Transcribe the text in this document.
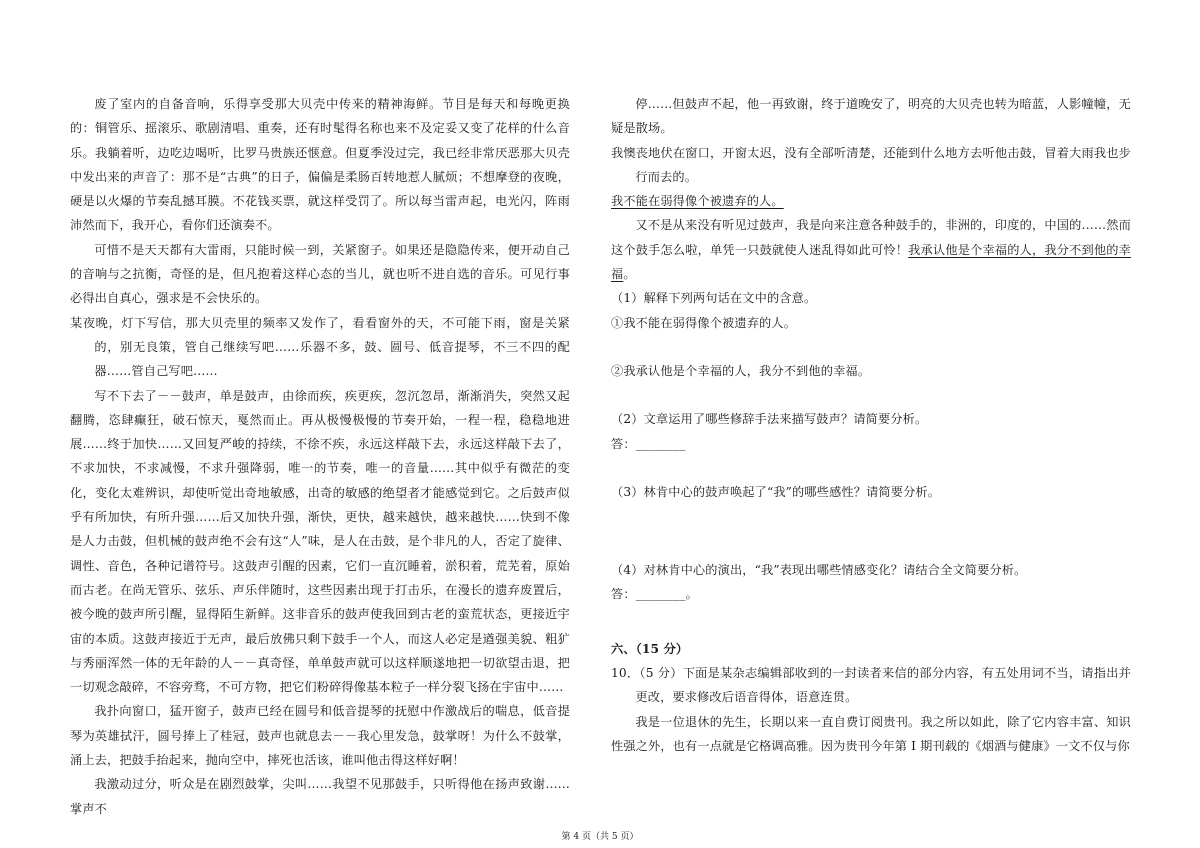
废了室内的自备音响，乐得享受那大贝壳中传来的精神海鲜。节目是每天和每晚更换的：铜管乐、摇滚乐、歌剧清唱、重奏，还有时髦得名称也来不及定妥又变了花样的什么音乐。我躺着听，边吃边喝听，比罗马贵族还惬意。但夏季没过完，我已经非常厌恶那大贝壳中发出来的声音了：那不是“古典”的日子，偏偏是柔肠百转地惹人腻烦；不想摩登的夜晚，硬是以火爆的节奏乱撼耳膜。不花钱买票，就这样受罚了。所以每当雷声起，电光闪，阵雨沛然而下，我开心，看你们还演奏不。

可惜不是天天都有大雷雨，只能时候一到，关紧窗子。如果还是隐隐传来，便开动自己的音响与之抗衡，奇怪的是，但凡抱着这样心态的当儿，就也听不进自选的音乐。可见行事必得出自真心，强求是不会快乐的。

某夜晚，灯下写信，那大贝壳里的频率又发作了，看看窗外的天，不可能下雨，窗是关紧的，别无良策，管自己继续写吧……乐器不多，鼓、圆号、低音提琴，不三不四的配器……管自己写吧……

写不下去了－－鼓声，单是鼓声，由徐而疾，疾更疾，忽沉忽昂，渐渐消失，突然又起翻腾，恣肆癫狂，破石惊天，戛然而止。再从极慢极慢的节奏开始，一程一程，稳稳地进展……终于加快……又回复严峻的持续，不徐不疾，永远这样敲下去，永远这样敲下去了，不求加快，不求减慢，不求升强降弱，唯一的节奏，唯一的音量……其中似乎有微茫的变化，变化太难辨识，却使听觉出奇地敏感，出奇的敏感的绝望者才能感觉到它。之后鼓声似乎有所加快，有所升强……后又加快升强，渐快，更快，越来越快，越来越快……快到不像是人力击鼓，但机械的鼓声绝不会有这“人”味，是人在击鼓，是个非凡的人，否定了旋律、调性、音色，各种记谱符号。这鼓声引醒的因素，它们一直沉睡着，淤积着，荒芜着，原始而古老。在尚无管乐、弦乐、声乐伴随时，这些因素出现于打击乐，在漫长的遗弃废置后，被今晚的鼓声所引醒，显得陌生新鲜。这非音乐的鼓声使我回到古老的蛮荒状态，更接近宇宙的本质。这鼓声接近于无声，最后放佛只剩下鼓手一个人，而这人必定是遒强美貌、粗犷与秀丽浑然一体的无年龄的人－－真奇怪，单单鼓声就可以这样顺遂地把一切欲望击退，把一切观念敲碎，不容旁骛，不可方物，把它们粉碎得像基本粒子一样分裂飞扬在宇宙中……

我扑向窗口，猛开窗子，鼓声已经在圆号和低音提琴的抚慰中作激战后的喘息，低音提琴为英雄拭汗，圆号捧上了桂冠，鼓声也就息去－－我心里发急，鼓掌呀！为什么不鼓掌，涌上去，把鼓手抬起来，抛向空中，摔死也活该，谁叫他击得这样好啊！

我激动过分，听众是在剧烈鼓掌，尖叫……我望不见那鼓手，只听得他在扬声致谢……掌声不

停……但鼓声不起，他一再致谢，终于道晚安了，明亮的大贝壳也转为暗蓝，人影幢幢，无疑是散场。

我懊丧地伏在窗口，开窗太迟，没有全部听清楚，还能到什么地方去听他击鼓，冒着大雨我也步行而去的。

我不能在弱得像个被遗弃的人。

又不是从来没有听见过鼓声，我是向来注意各种鼓手的，非洲的，印度的，中国的……然而这个鼓手怎么啦，单凭一只鼓就使人迷乱得如此可怜！我承认他是个幸福的人，我分不到他的幸福。

（1）解释下列两句话在文中的含意。

①我不能在弱得像个被遗弃的人。

②我承认他是个幸福的人，我分不到他的幸福。

（2）文章运用了哪些修辞手法来描写鼓声？请简要分析。

答：________

（3）林肯中心的鼓声唤起了“我”的哪些感性？请简要分析。

（4）对林肯中心的演出，“我”表现出哪些情感变化？请结合全文简要分析。

答：________。

六、（15 分）

10．（5 分）下面是某杂志编辑部收到的一封读者来信的部分内容，有五处用词不当，请指出并更改，要求修改后语音得体，语意连贯。

我是一位退休的先生，长期以来一直自费订阅贵刊。我之所以如此，除了它内容丰富、知识性强之外，也有一点就是它格调高雅。因为贵刊今年第 Ⅰ 期刊载的《烟酒与健康》一文不仅与你

第 4 页（共 5 页）
